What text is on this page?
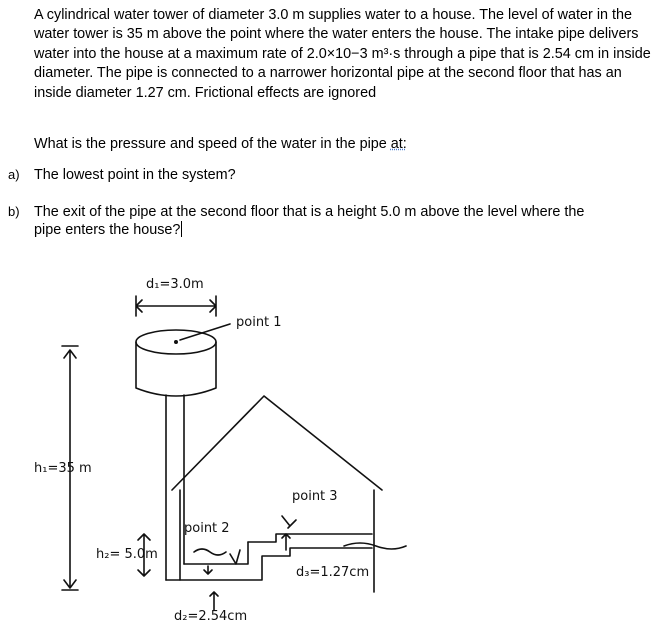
A cylindrical water tower of diameter 3.0 m supplies water to a house. The level of water in the water tower is 35 m above the point where the water enters the house. The intake pipe delivers water into the house at a maximum rate of 2.0×10−3 m³·s through a pipe that is 2.54 cm in inside diameter. The pipe is connected to a narrower horizontal pipe at the second floor that has an inside diameter 1.27 cm. Frictional effects are ignored

What is the pressure and speed of the water in the pipe at:

a) The lowest point in the system?
b) The exit of the pipe at the second floor that is a height 5.0 m above the level where the pipe enters the house?
d₁=3.0m
point 1
h₁=35 m
point 2
point 3
h₂= 5.0m
d₃=1.27cm
d₂=2.54cm
